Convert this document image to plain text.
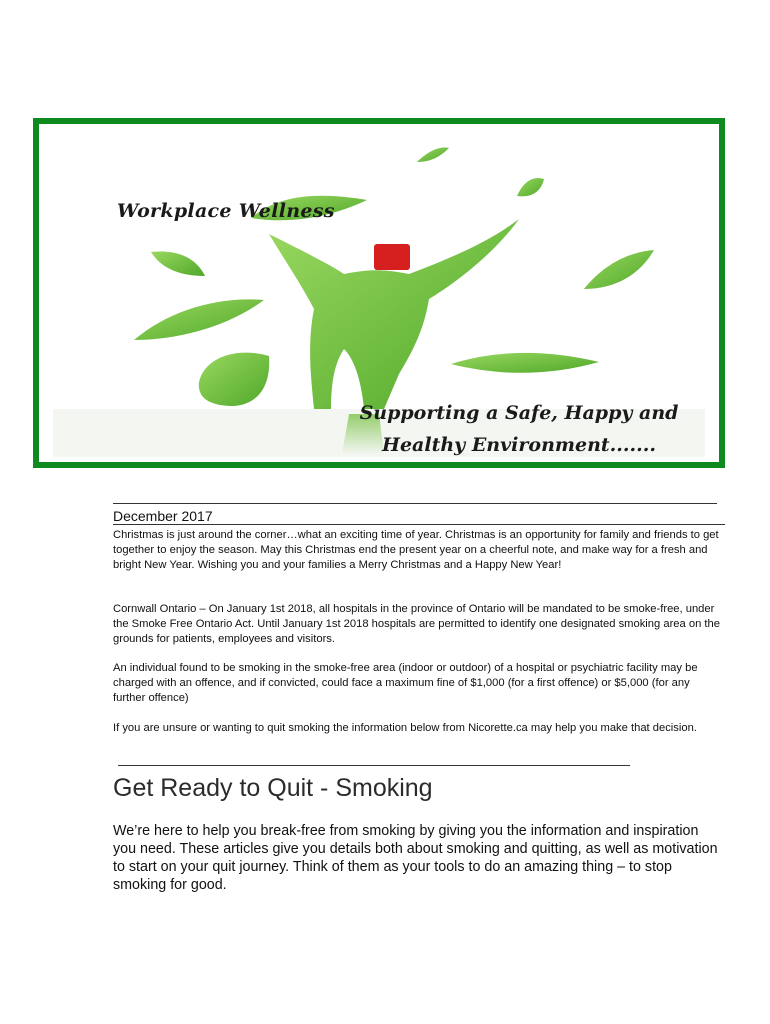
Workplace Wellness
Supporting a Safe, Happy and Healthy Environment.......
December 2017

Christmas is just around the corner…what an exciting time of year. Christmas is an opportunity for family and friends to get together to enjoy the season. May this Christmas end the present year on a cheerful note, and make way for a fresh and bright New Year. Wishing you and your families a Merry Christmas and a Happy New Year!

Cornwall Ontario – On January 1st 2018, all hospitals in the province of Ontario will be mandated to be smoke-free, under the Smoke Free Ontario Act. Until January 1st 2018 hospitals are permitted to identify one designated smoking area on the grounds for patients, employees and visitors.

An individual found to be smoking in the smoke-free area (indoor or outdoor) of a hospital or psychiatric facility may be charged with an offence, and if convicted, could face a maximum fine of $1,000 (for a first offence) or $5,000 (for any further offence)

If you are unsure or wanting to quit smoking the information below from Nicorette.ca may help you make that decision.

Get Ready to Quit - Smoking

We’re here to help you break-free from smoking by giving you the information and inspiration you need. These articles give you details both about smoking and quitting, as well as motivation to start on your quit journey. Think of them as your tools to do an amazing thing – to stop smoking for good.
